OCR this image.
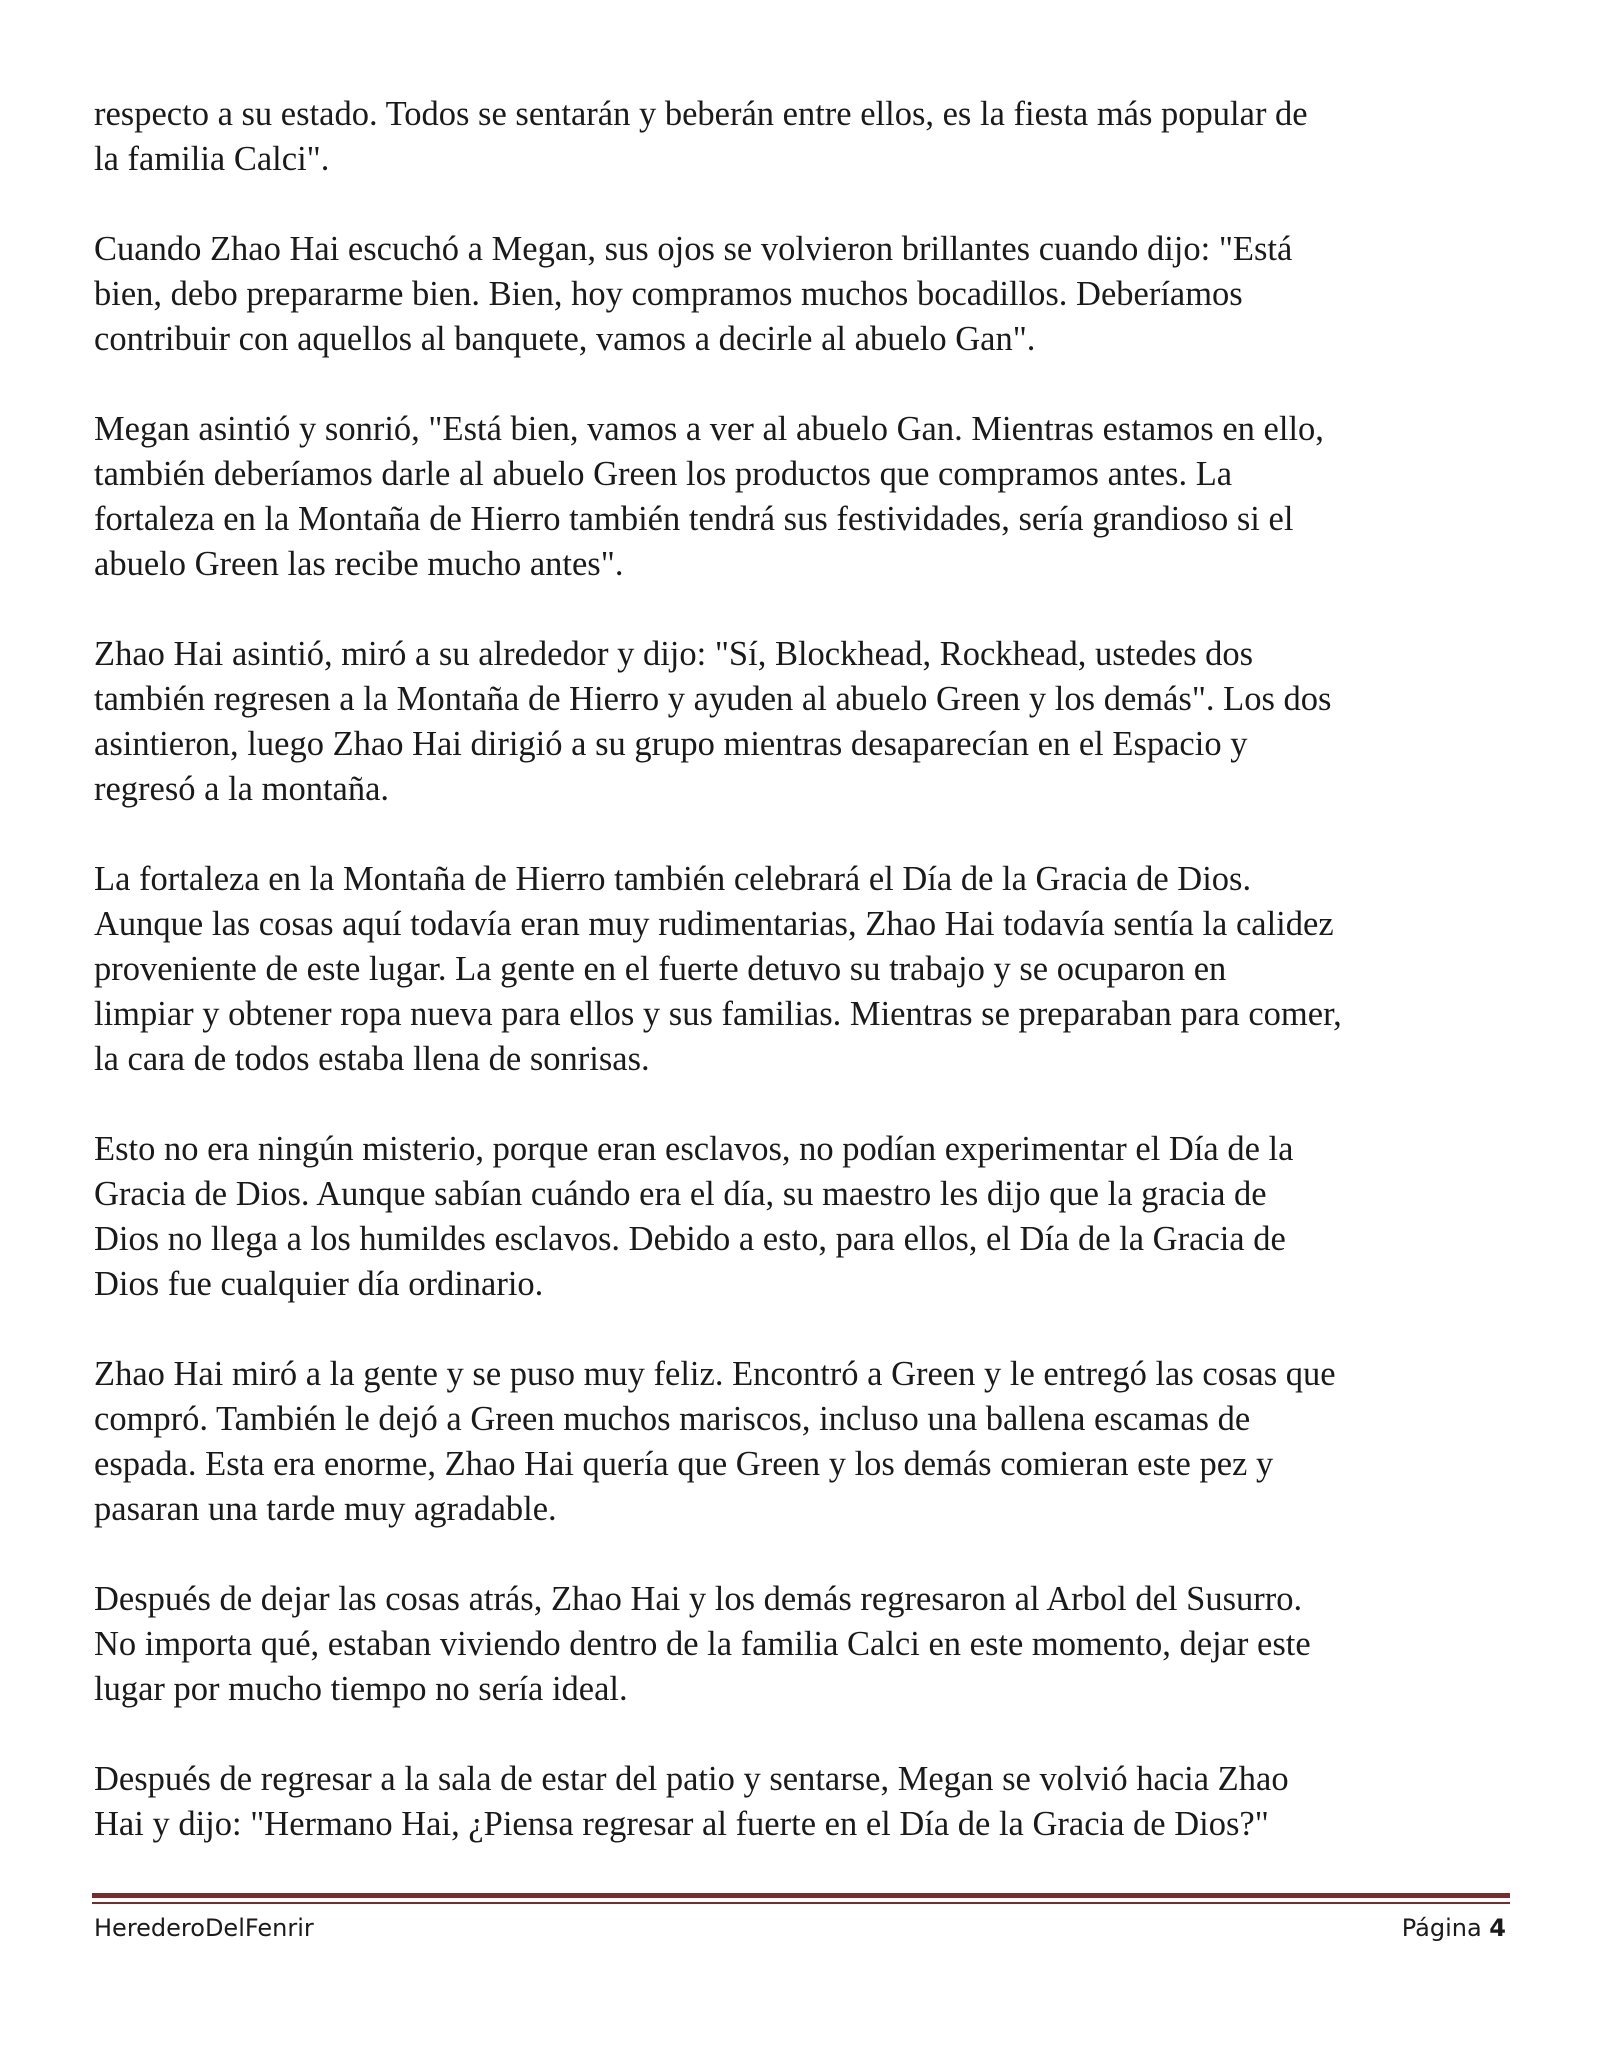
respecto a su estado. Todos se sentarán y beberán entre ellos, es la fiesta más popular de
la familia Calci".

Cuando Zhao Hai escuchó a Megan, sus ojos se volvieron brillantes cuando dijo: "Está
bien, debo prepararme bien. Bien, hoy compramos muchos bocadillos. Deberíamos
contribuir con aquellos al banquete, vamos a decirle al abuelo Gan".

Megan asintió y sonrió, "Está bien, vamos a ver al abuelo Gan. Mientras estamos en ello,
también deberíamos darle al abuelo Green los productos que compramos antes. La
fortaleza en la Montaña de Hierro también tendrá sus festividades, sería grandioso si el
abuelo Green las recibe mucho antes".

Zhao Hai asintió, miró a su alrededor y dijo: "Sí, Blockhead, Rockhead, ustedes dos
también regresen a la Montaña de Hierro y ayuden al abuelo Green y los demás". Los dos
asintieron, luego Zhao Hai dirigió a su grupo mientras desaparecían en el Espacio y
regresó a la montaña.

La fortaleza en la Montaña de Hierro también celebrará el Día de la Gracia de Dios.
Aunque las cosas aquí todavía eran muy rudimentarias, Zhao Hai todavía sentía la calidez
proveniente de este lugar. La gente en el fuerte detuvo su trabajo y se ocuparon en
limpiar y obtener ropa nueva para ellos y sus familias. Mientras se preparaban para comer,
la cara de todos estaba llena de sonrisas.

Esto no era ningún misterio, porque eran esclavos, no podían experimentar el Día de la
Gracia de Dios. Aunque sabían cuándo era el día, su maestro les dijo que la gracia de
Dios no llega a los humildes esclavos. Debido a esto, para ellos, el Día de la Gracia de
Dios fue cualquier día ordinario.

Zhao Hai miró a la gente y se puso muy feliz. Encontró a Green y le entregó las cosas que
compró. También le dejó a Green muchos mariscos, incluso una ballena escamas de
espada. Esta era enorme, Zhao Hai quería que Green y los demás comieran este pez y
pasaran una tarde muy agradable.

Después de dejar las cosas atrás, Zhao Hai y los demás regresaron al Arbol del Susurro.
No importa qué, estaban viviendo dentro de la familia Calci en este momento, dejar este
lugar por mucho tiempo no sería ideal.

Después de regresar a la sala de estar del patio y sentarse, Megan se volvió hacia Zhao
Hai y dijo: "Hermano Hai, ¿Piensa regresar al fuerte en el Día de la Gracia de Dios?"

HerederoDelFenrir	Página 4
